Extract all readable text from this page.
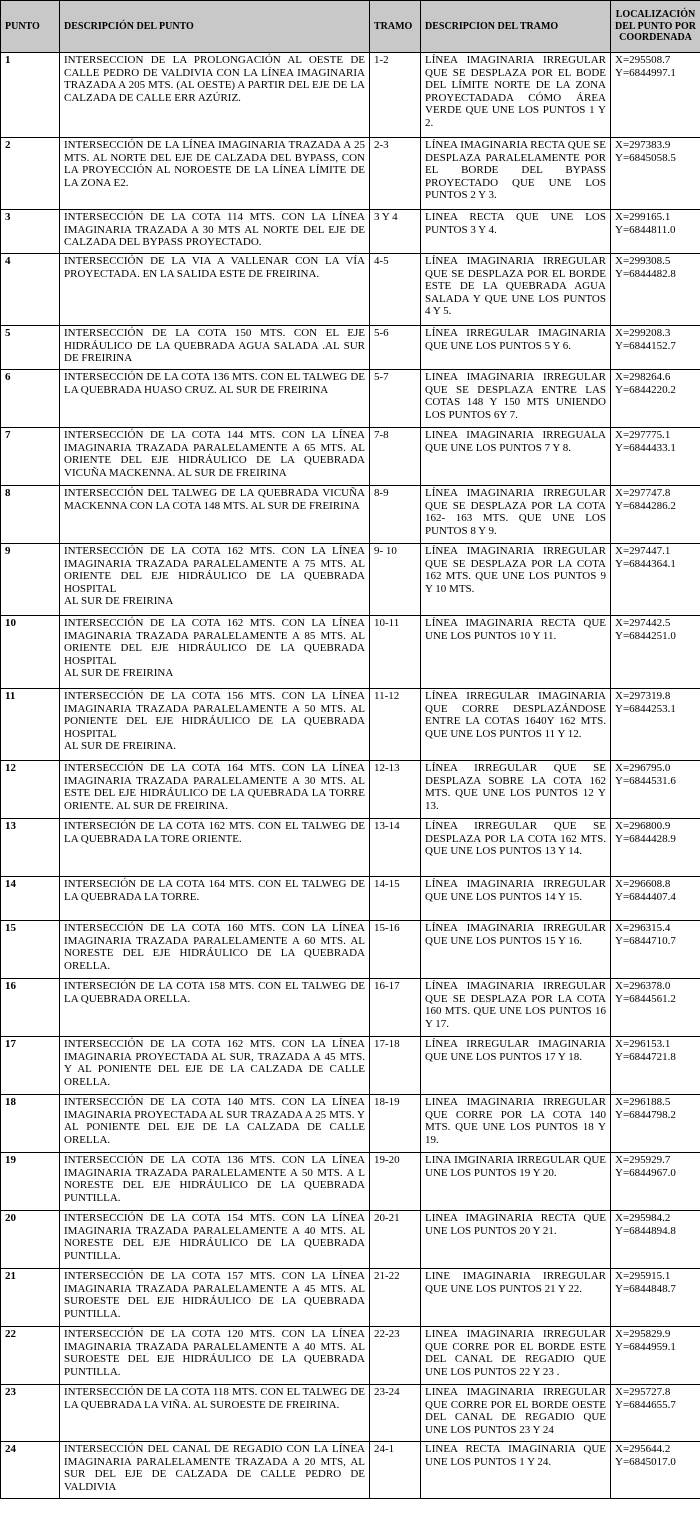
PUNTO	DESCRIPCIÓN DEL PUNTO	TRAMO	DESCRIPCION DEL TRAMO	LOCALIZACIÓN DEL PUNTO POR COORDENADA
1	INTERSECCION DE LA PROLONGACIÓN AL OESTE DE CALLE PEDRO DE VALDIVIA CON LA LÍNEA IMAGINARIA TRAZADA A 205 MTS. (AL OESTE) A PARTIR DEL EJE DE LA CALZADA DE CALLE ERR AZÚRIZ.	1-2	LÍNEA IMAGINARIA IRREGULAR QUE SE DESPLAZA POR EL BODE DEL LÍMITE NORTE DE LA ZONA PROYECTADADA CÓMO ÁREA VERDE QUE UNE LOS PUNTOS 1 Y 2.	X=295508.7
Y=6844997.1
2	INTERSECCIÓN DE LA LÍNEA IMAGINARIA TRAZADA A 25 MTS. AL NORTE DEL EJE DE CALZADA DEL BYPASS, CON LA PROYECCIÓN AL NOROESTE DE LA LÍNEA LÍMITE DE LA ZONA E2.	2-3	LÍNEA IMAGINARIA RECTA QUE SE DESPLAZA PARALELAMENTE POR EL BORDE DEL BYPASS PROYECTADO QUE UNE LOS PUNTOS 2 Y 3.	X=297383.9
Y=6845058.5
3	INTERSECCIÓN DE LA COTA 114 MTS. CON LA LÍNEA IMAGINARIA TRAZADA A 30 MTS AL NORTE DEL EJE DE CALZADA DEL BYPASS PROYECTADO.	3 Y 4	LINEA RECTA QUE UNE LOS PUNTOS 3 Y 4.	X=299165.1
Y=6844811.0
4	INTERSECCIÓN DE LA VIA A VALLENAR CON LA VÍA PROYECTADA. EN LA SALIDA ESTE DE FREIRINA.	4-5	LÍNEA IMAGINARIA IRREGULAR QUE SE DESPLAZA POR EL BORDE ESTE DE LA QUEBRADA AGUA SALADA Y QUE UNE LOS PUNTOS 4 Y 5.	X=299308.5
Y=6844482.8
5	INTERSECCIÓN DE LA COTA 150 MTS. CON EL EJE HIDRÁULICO DE LA QUEBRADA AGUA SALADA .AL SUR DE FREIRINA	5-6	LÍNEA IRREGULAR IMAGINARIA QUE UNE LOS PUNTOS 5 Y 6.	X=299208.3
Y=6844152.7
6	INTERSECCIÓN DE LA COTA 136 MTS. CON EL TALWEG DE LA QUEBRADA HUASO CRUZ. AL SUR DE FREIRINA	5-7	LINEA IMAGINARIA IRREGULAR QUE SE DESPLAZA ENTRE LAS COTAS 148 Y 150 MTS UNIENDO LOS PUNTOS 6Y 7.	X=298264.6
Y=6844220.2
7	INTERSECCIÓN DE LA COTA 144 MTS. CON LA LÍNEA IMAGINARIA TRAZADA PARALELAMENTE A 65 MTS. AL ORIENTE DEL EJE HIDRÁULICO DE LA QUEBRADA VICUÑA MACKENNA. AL SUR DE FREIRINA	7-8	LINEA IMAGINARIA IRREGUALA QUE UNE LOS PUNTOS 7 Y 8.	X=297775.1
Y=6844433.1
8	INTERSECCIÓN DEL TALWEG DE LA QUEBRADA VICUÑA MACKENNA CON LA COTA 148 MTS. AL SUR DE FREIRINA	8-9	LÍNEA IMAGINARIA IRREGULAR QUE SE DESPLAZA POR LA COTA 162- 163 MTS. QUE UNE LOS PUNTOS 8 Y 9.	X=297747.8
Y=6844286.2
9	INTERSECCIÓN DE LA COTA 162 MTS. CON LA LÍNEA IMAGINARIA TRAZADA PARALELAMENTE A 75 MTS. AL ORIENTE DEL EJE HIDRÁULICO DE LA QUEBRADA HOSPITAL
AL SUR DE FREIRINA	9- 10	LÍNEA IMAGINARIA IRREGULAR QUE SE DESPLAZA POR LA COTA 162 MTS. QUE UNE LOS PUNTOS 9 Y 10 MTS.	X=297447.1
Y=6844364.1
10	INTERSECCIÓN DE LA COTA 162 MTS. CON LA LÍNEA IMAGINARIA TRAZADA PARALELAMENTE A 85 MTS. AL ORIENTE DEL EJE HIDRÁULICO DE LA QUEBRADA HOSPITAL
AL SUR DE FREIRINA	10-11	LÍNEA IMAGINARIA RECTA QUE UNE LOS PUNTOS 10 Y 11.	X=297442.5
Y=6844251.0
11	INTERSECCIÓN DE LA COTA 156 MTS. CON LA LÍNEA IMAGINARIA TRAZADA PARALELAMENTE A 50 MTS. AL PONIENTE DEL EJE HIDRÁULICO DE LA QUEBRADA HOSPITAL
AL SUR DE FREIRINA.	11-12	LÍNEA IRREGULAR IMAGINARIA QUE CORRE DESPLAZÁNDOSE ENTRE LA COTAS 1640Y 162 MTS. QUE UNE LOS PUNTOS 11 Y 12.	X=297319.8
Y=6844253.1
12	INTERSECCIÓN DE LA COTA 164 MTS. CON LA LÍNEA IMAGINARIA TRAZADA PARALELAMENTE A 30 MTS. AL ESTE DEL EJE HIDRÁULICO DE LA QUEBRADA LA TORRE ORIENTE. AL SUR DE FREIRINA.	12-13	LÍNEA IRREGULAR QUE SE DESPLAZA SOBRE LA COTA 162 MTS. QUE UNE LOS PUNTOS 12 Y 13.	X=296795.0
Y=6844531.6
13	INTERSECIÓN DE LA COTA 162 MTS. CON EL TALWEG DE LA QUEBRADA LA TORE ORIENTE.	13-14	LÍNEA IRREGULAR QUE SE DESPLAZA POR LA COTA 162 MTS. QUE UNE LOS PUNTOS 13 Y 14.	X=296800.9
Y=6844428.9
14	INTERSECIÓN DE LA COTA 164 MTS. CON EL TALWEG DE LA QUEBRADA LA TORRE.	14-15	LÍNEA IMAGINARIA IRREGULAR QUE UNE LOS PUNTOS 14 Y 15.	X=296608.8
Y=6844407.4
15	INTERSECCIÓN DE LA COTA 160 MTS. CON LA LÍNEA IMAGINARIA TRAZADA PARALELAMENTE A 60 MTS. AL NORESTE DEL EJE HIDRÁULICO DE LA QUEBRADA ORELLA.	15-16	LÍNEA IMAGINARIA IRREGULAR QUE UNE LOS PUNTOS 15 Y 16.	X=296315.4
Y=6844710.7
16	INTERSECIÓN DE LA COTA 158 MTS. CON EL TALWEG DE LA QUEBRADA ORELLA.	16-17	LÍNEA IMAGINARIA IRREGULAR QUE SE DESPLAZA POR LA COTA 160 MTS. QUE UNE LOS PUNTOS 16 Y 17.	X=296378.0
Y=6844561.2
17	INTERSECCIÓN DE LA COTA 162 MTS. CON LA LÍNEA IMAGINARIA PROYECTADA AL SUR, TRAZADA A 45 MTS. Y AL PONIENTE DEL EJE DE LA CALZADA DE CALLE ORELLA.	17-18	LÍNEA IRREGULAR IMAGINARIA QUE UNE LOS PUNTOS 17 Y 18.	X=296153.1
Y=6844721.8
18	INTERSECCIÓN DE LA COTA 140 MTS. CON LA LÍNEA IMAGINARIA PROYECTADA AL SUR TRAZADA A 25 MTS. Y AL PONIENTE DEL EJE DE LA CALZADA DE CALLE ORELLA.	18-19	LINEA IMAGINARIA IRREGULAR QUE CORRE POR LA COTA 140 MTS. QUE UNE LOS PUNTOS 18 Y 19.	X=296188.5
Y=6844798.2
19	INTERSECCIÓN DE LA COTA 136 MTS. CON LA LÍNEA IMAGINARIA TRAZADA PARALELAMENTE A 50 MTS. A L NORESTE DEL EJE HIDRÁULICO DE LA QUEBRADA PUNTILLA.	19-20	LINA IMGINARIA IRREGULAR QUE UNE LOS PUNTOS 19 Y 20.	X=295929.7
Y=6844967.0
20	INTERSECCIÓN DE LA COTA 154 MTS. CON LA LÍNEA IMAGINARIA TRAZADA PARALELAMENTE A 40 MTS. AL NORESTE DEL EJE HIDRÁULICO DE LA QUEBRADA PUNTILLA.	20-21	LINEA IMAGINARIA RECTA QUE UNE LOS PUNTOS 20 Y 21.	X=295984.2
Y=6844894.8
21	INTERSECCIÓN DE LA COTA 157 MTS. CON LA LÍNEA IMAGINARIA TRAZADA PARALELAMENTE A 45 MTS. AL SUROESTE DEL EJE HIDRÁULICO DE LA QUEBRADA PUNTILLA.	21-22	LINE IMAGINARIA IRREGULAR QUE UNE LOS PUNTOS 21 Y 22.	X=295915.1
Y=6844848.7
22	INTERSECCIÓN DE LA COTA 120 MTS. CON LA LÍNEA IMAGINARIA TRAZADA PARALELAMENTE A 40 MTS. AL SUROESTE DEL EJE HIDRÁULICO DE LA QUEBRADA PUNTILLA.	22-23	LINEA IMAGINARIA IRREGULAR QUE CORRE POR EL BORDE ESTE DEL CANAL DE REGADIO QUE UNE LOS PUNTOS 22 Y 23 .	X=295829.9
Y=6844959.1
23	INTERSECCIÓN DE LA COTA 118 MTS. CON EL TALWEG DE LA QUEBRADA LA VIÑA. AL SUROESTE DE FREIRINA.	23-24	LINEA IMAGINARIA IRREGULAR QUE CORRE POR EL BORDE OESTE DEL CANAL DE REGADIO QUE UNE LOS PUNTOS 23 Y 24	X=295727.8
Y=6844655.7
24	INTERSECCIÓN DEL CANAL DE REGADIO CON LA LÍNEA IMAGINARIA PARALELAMENTE TRAZADA A 20 MTS, AL SUR DEL EJE DE CALZADA DE CALLE PEDRO DE VALDIVIA	24-1	LINEA RECTA IMAGINARIA QUE UNE LOS PUNTOS 1 Y 24.	X=295644.2
Y=6845017.0
